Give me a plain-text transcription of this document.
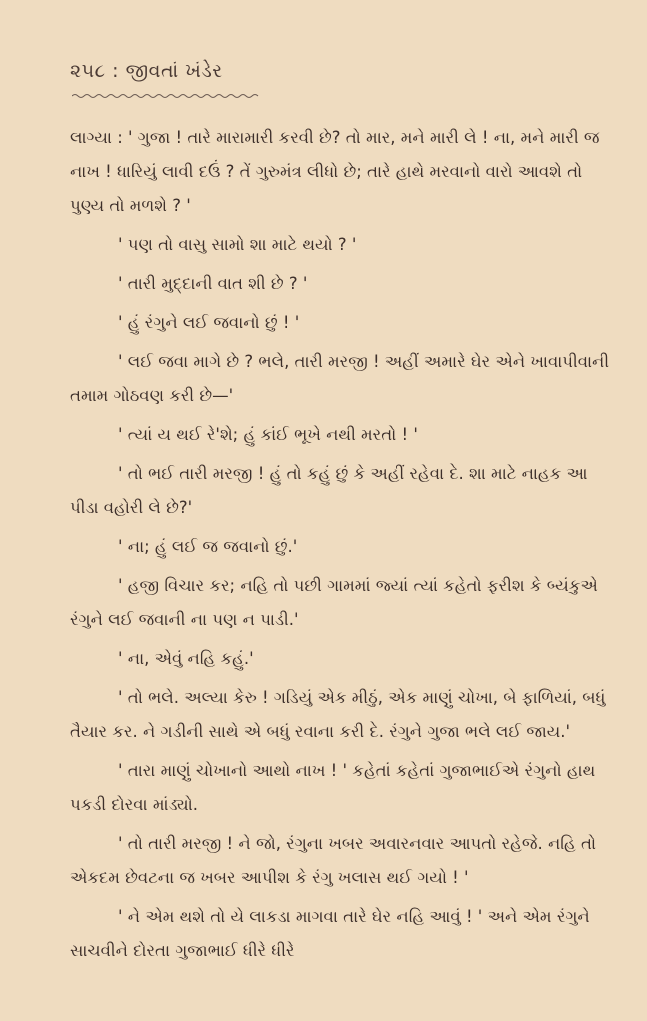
૨૫૮ : જીવતાં ખંડેર

લાગ્યા : ' ગુજા ! તારે મારામારી કરવી છે? તો માર, મને મારી લે ! ના, મને મારી જ નાખ ! ધારિયું લાવી દઉં ? તેં ગુરુમંત્ર લીધો છે; તારે હાથે મરવાનો વારો આવશે તો પુણ્ય તો મળશે ? '

' પણ તો વાસુ સામો શા માટે થયો ? '

' તારી મુદ્દાની વાત શી છે ? '

' હું રંગુને લઈ જવાનો છું ! '

' લઈ જવા માગે છે ? ભલે, તારી મરજી ! અહીં અમારે ઘેર એને ખાવાપીવાની તમામ ગોઠવણ કરી છે—'

' ત્યાં ય થઈ રે'શે; હું કાંઈ ભૂખે નથી મરતો ! '

' તો ભઈ તારી મરજી ! હું તો કહું છું કે અહીં રહેવા દે. શા માટે નાહક આ પીડા વહોરી લે છે?'

' ના; હું લઈ જ જવાનો છું.'

' હજી વિચાર કર; નહિ તો પછી ગામમાં જ્યાં ત્યાં કહેતો ફરીશ કે બ્યંકુએ રંગુને લઈ જવાની ના પણ ન પાડી.'

' ના, એવું નહિ કહું.'

' તો ભલે. અલ્યા કેરુ ! ગડિયું એક મીઠું, એક માણું ચોખા, બે ફાળિયાં, બધું તૈયાર કર. ને ગડીની સાથે એ બધું રવાના કરી દે. રંગુને ગુજા ભલે લઈ જાય.'

' તારા માણું ચોખાનો આથો નાખ ! ' કહેતાં કહેતાં ગુજાભાઈએ રંગુનો હાથ પકડી દોરવા માંડ્યો.

' તો તારી મરજી ! ને જો, રંગુના ખબર અવારનવાર આપતો રહેજે. નહિ તો એકદમ છેવટના જ ખબર આપીશ કે રંગુ ખલાસ થઈ ગયો ! '

' ને એમ થશે તો યે લાકડા માગવા તારે ઘેર નહિ આવું ! ' અને એમ રંગુને સાચવીને દોરતા ગુજાભાઈ ધીરે ધીરે
